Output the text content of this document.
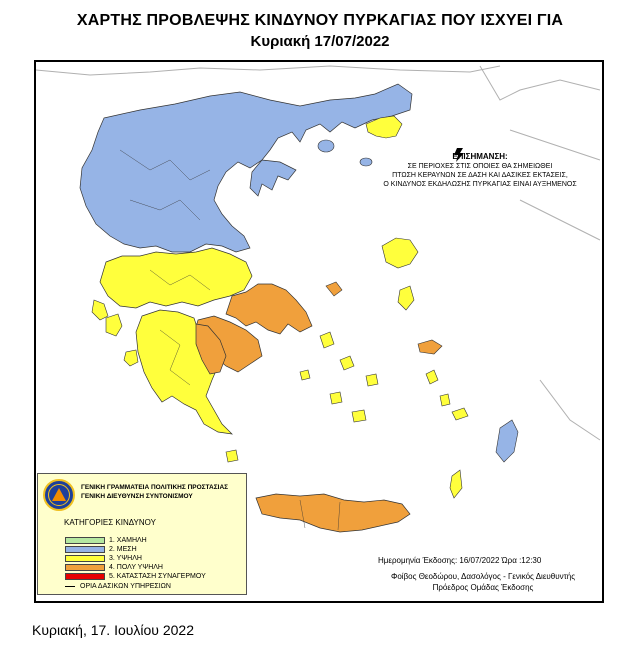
ΧΑΡΤΗΣ ΠΡΟΒΛΕΨΗΣ ΚΙΝΔΥΝΟΥ ΠΥΡΚΑΓΙΑΣ ΠΟΥ ΙΣΧΥΕΙ ΓΙΑ
Κυριακή 17/07/2022
ΕΠΙΣΗΜΑΝΣΗ:
ΣΕ ΠΕΡΙΟΧΕΣ ΣΤΙΣ ΟΠΟΙΕΣ ΘΑ ΣΗΜΕΙΩΘΕΙ
ΠΤΩΣΗ ΚΕΡΑΥΝΩΝ ΣΕ ΔΑΣΗ ΚΑΙ ΔΑΣΙΚΕΣ ΕΚΤΑΣΕΙΣ,
Ο ΚΙΝΔΥΝΟΣ ΕΚΔΗΛΩΣΗΣ ΠΥΡΚΑΓΙΑΣ ΕΙΝΑΙ ΑΥΞΗΜΕΝΟΣ
ΓΕΝΙΚΗ ΓΡΑΜΜΑΤΕΙΑ ΠΟΛΙΤΙΚΗΣ ΠΡΟΣΤΑΣΙΑΣ
ΓΕΝΙΚΗ ΔΙΕΥΘΥΝΣΗ ΣΥΝΤΟΝΙΣΜΟΥ
ΚΑΤΗΓΟΡΙΕΣ ΚΙΝΔΥΝΟΥ
1. ΧΑΜΗΛΗ
2. ΜΕΣΗ
3. ΥΨΗΛΗ
4. ΠΟΛΥ ΥΨΗΛΗ
5. ΚΑΤΑΣΤΑΣΗ ΣΥΝΑΓΕΡΜΟΥ
ΟΡΙΑ ΔΑΣΙΚΩΝ ΥΠΗΡΕΣΙΩΝ
Ημερομηνία Έκδοσης: 16/07/2022 Ώρα :12:30
Φοίβος Θεοδώρου, Δασολόγος - Γενικός Διευθυντής
Πρόεδρος Ομάδας Έκδοσης
Κυριακή, 17. Ιουλίου 2022
